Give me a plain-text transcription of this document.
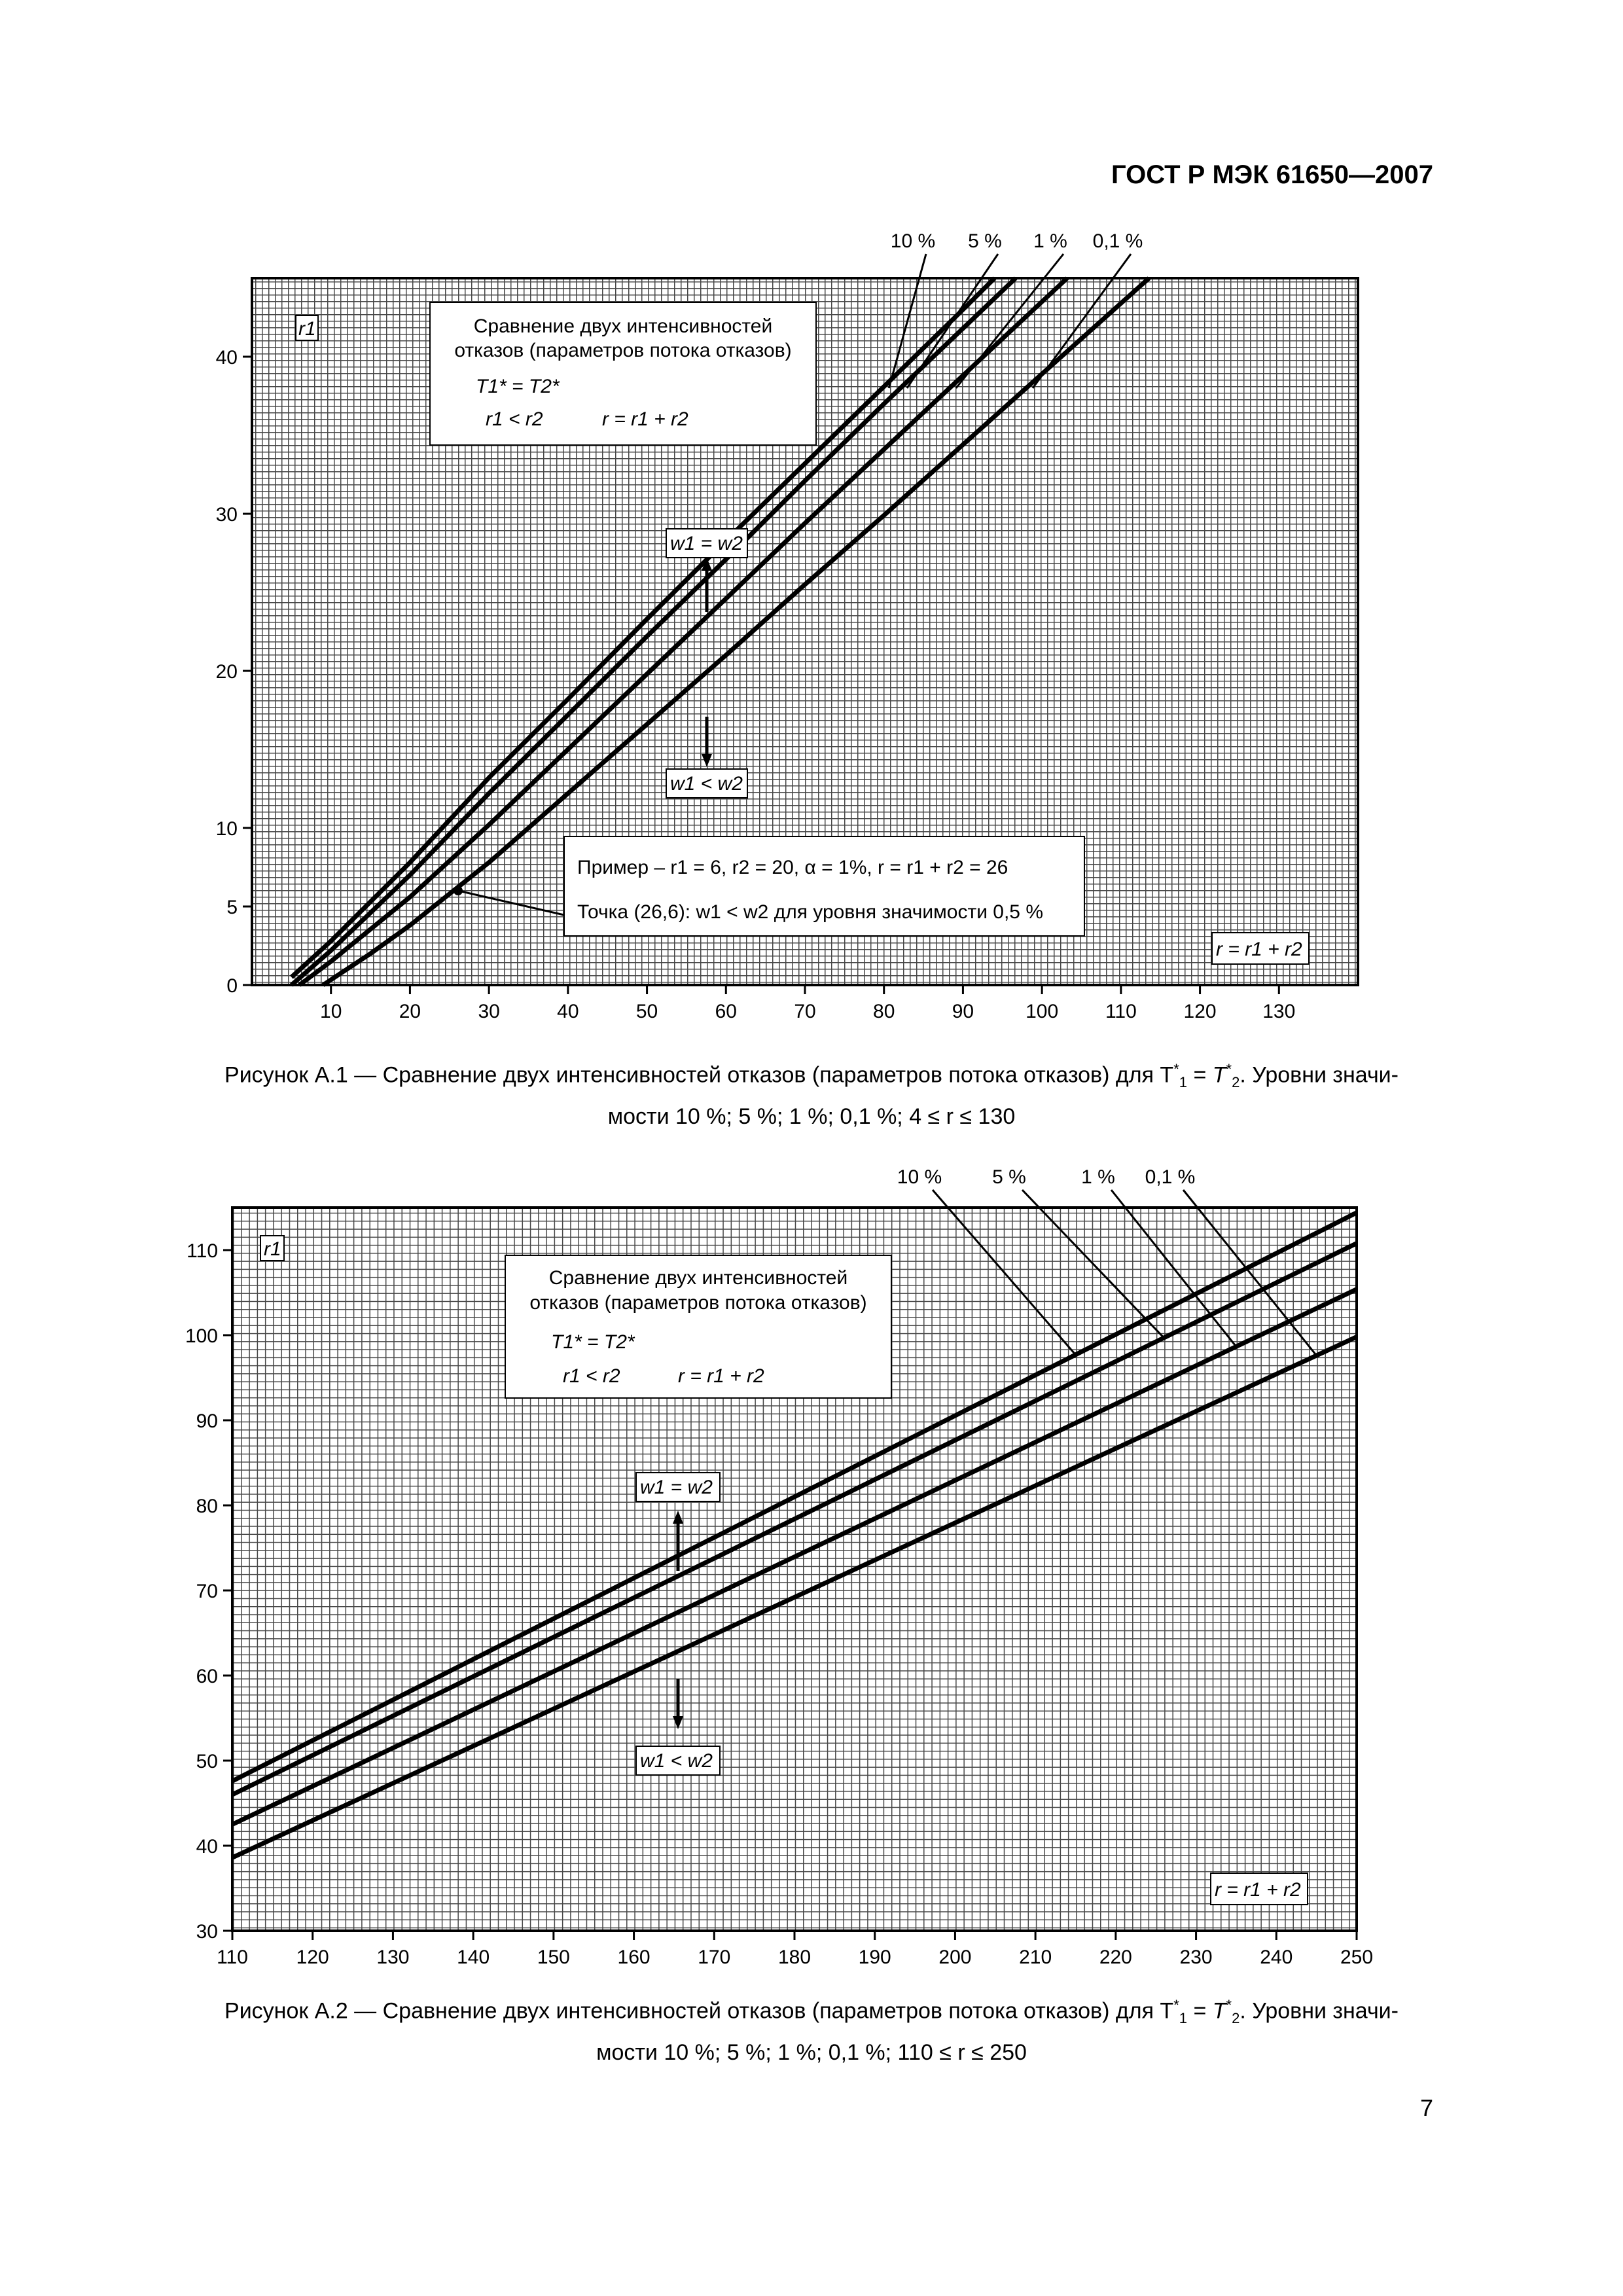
ГОСТ Р МЭК 61650—2007
10	20	30	40	50	60	70	80	90	100 110 120 130
0
5
10
20
30
40
r1	Сравнение двух интенсивностей
отказов (параметров потока отказов)
T1* = T2*
r1 < r2	r = r1 + r2
w1 = w2
w1 < w2
Пример – r1 = 6, r2 = 20, α = 1%, r = r1 + r2 = 26
Точка (26,6): w1 < w2 для уровня значимости 0,5 %
r = r1 + r2
10 % 5 % 1 % 0,1 %
Рисунок А.1 — Сравнение двух интенсивностей отказов (параметров потока отказов) для $T^*_1 = T^*_2$. Уровни значи-
мости 10 %; 5 %; 1 %; 0,1 %; 4 ≤ r ≤ 130
110 120 130 140 150 160 170 180 190 200 210 220 230 240 250
30
40
50
60
70
80
90
100
110 r1
Сравнение двух интенсивностей
отказов (параметров потока отказов)
T1* = T2*
r1 < r2	r = r1 + r2
w1 = w2
w1 < w2
r = r1 + r2
10 %	5 %	1 % 0,1 %
Рисунок А.2 — Сравнение двух интенсивностей отказов (параметров потока отказов) для $T^*_1 = T^*_2$. Уровни значи-
мости 10 %; 5 %; 1 %; 0,1 %; 110 ≤ r ≤ 250
7
